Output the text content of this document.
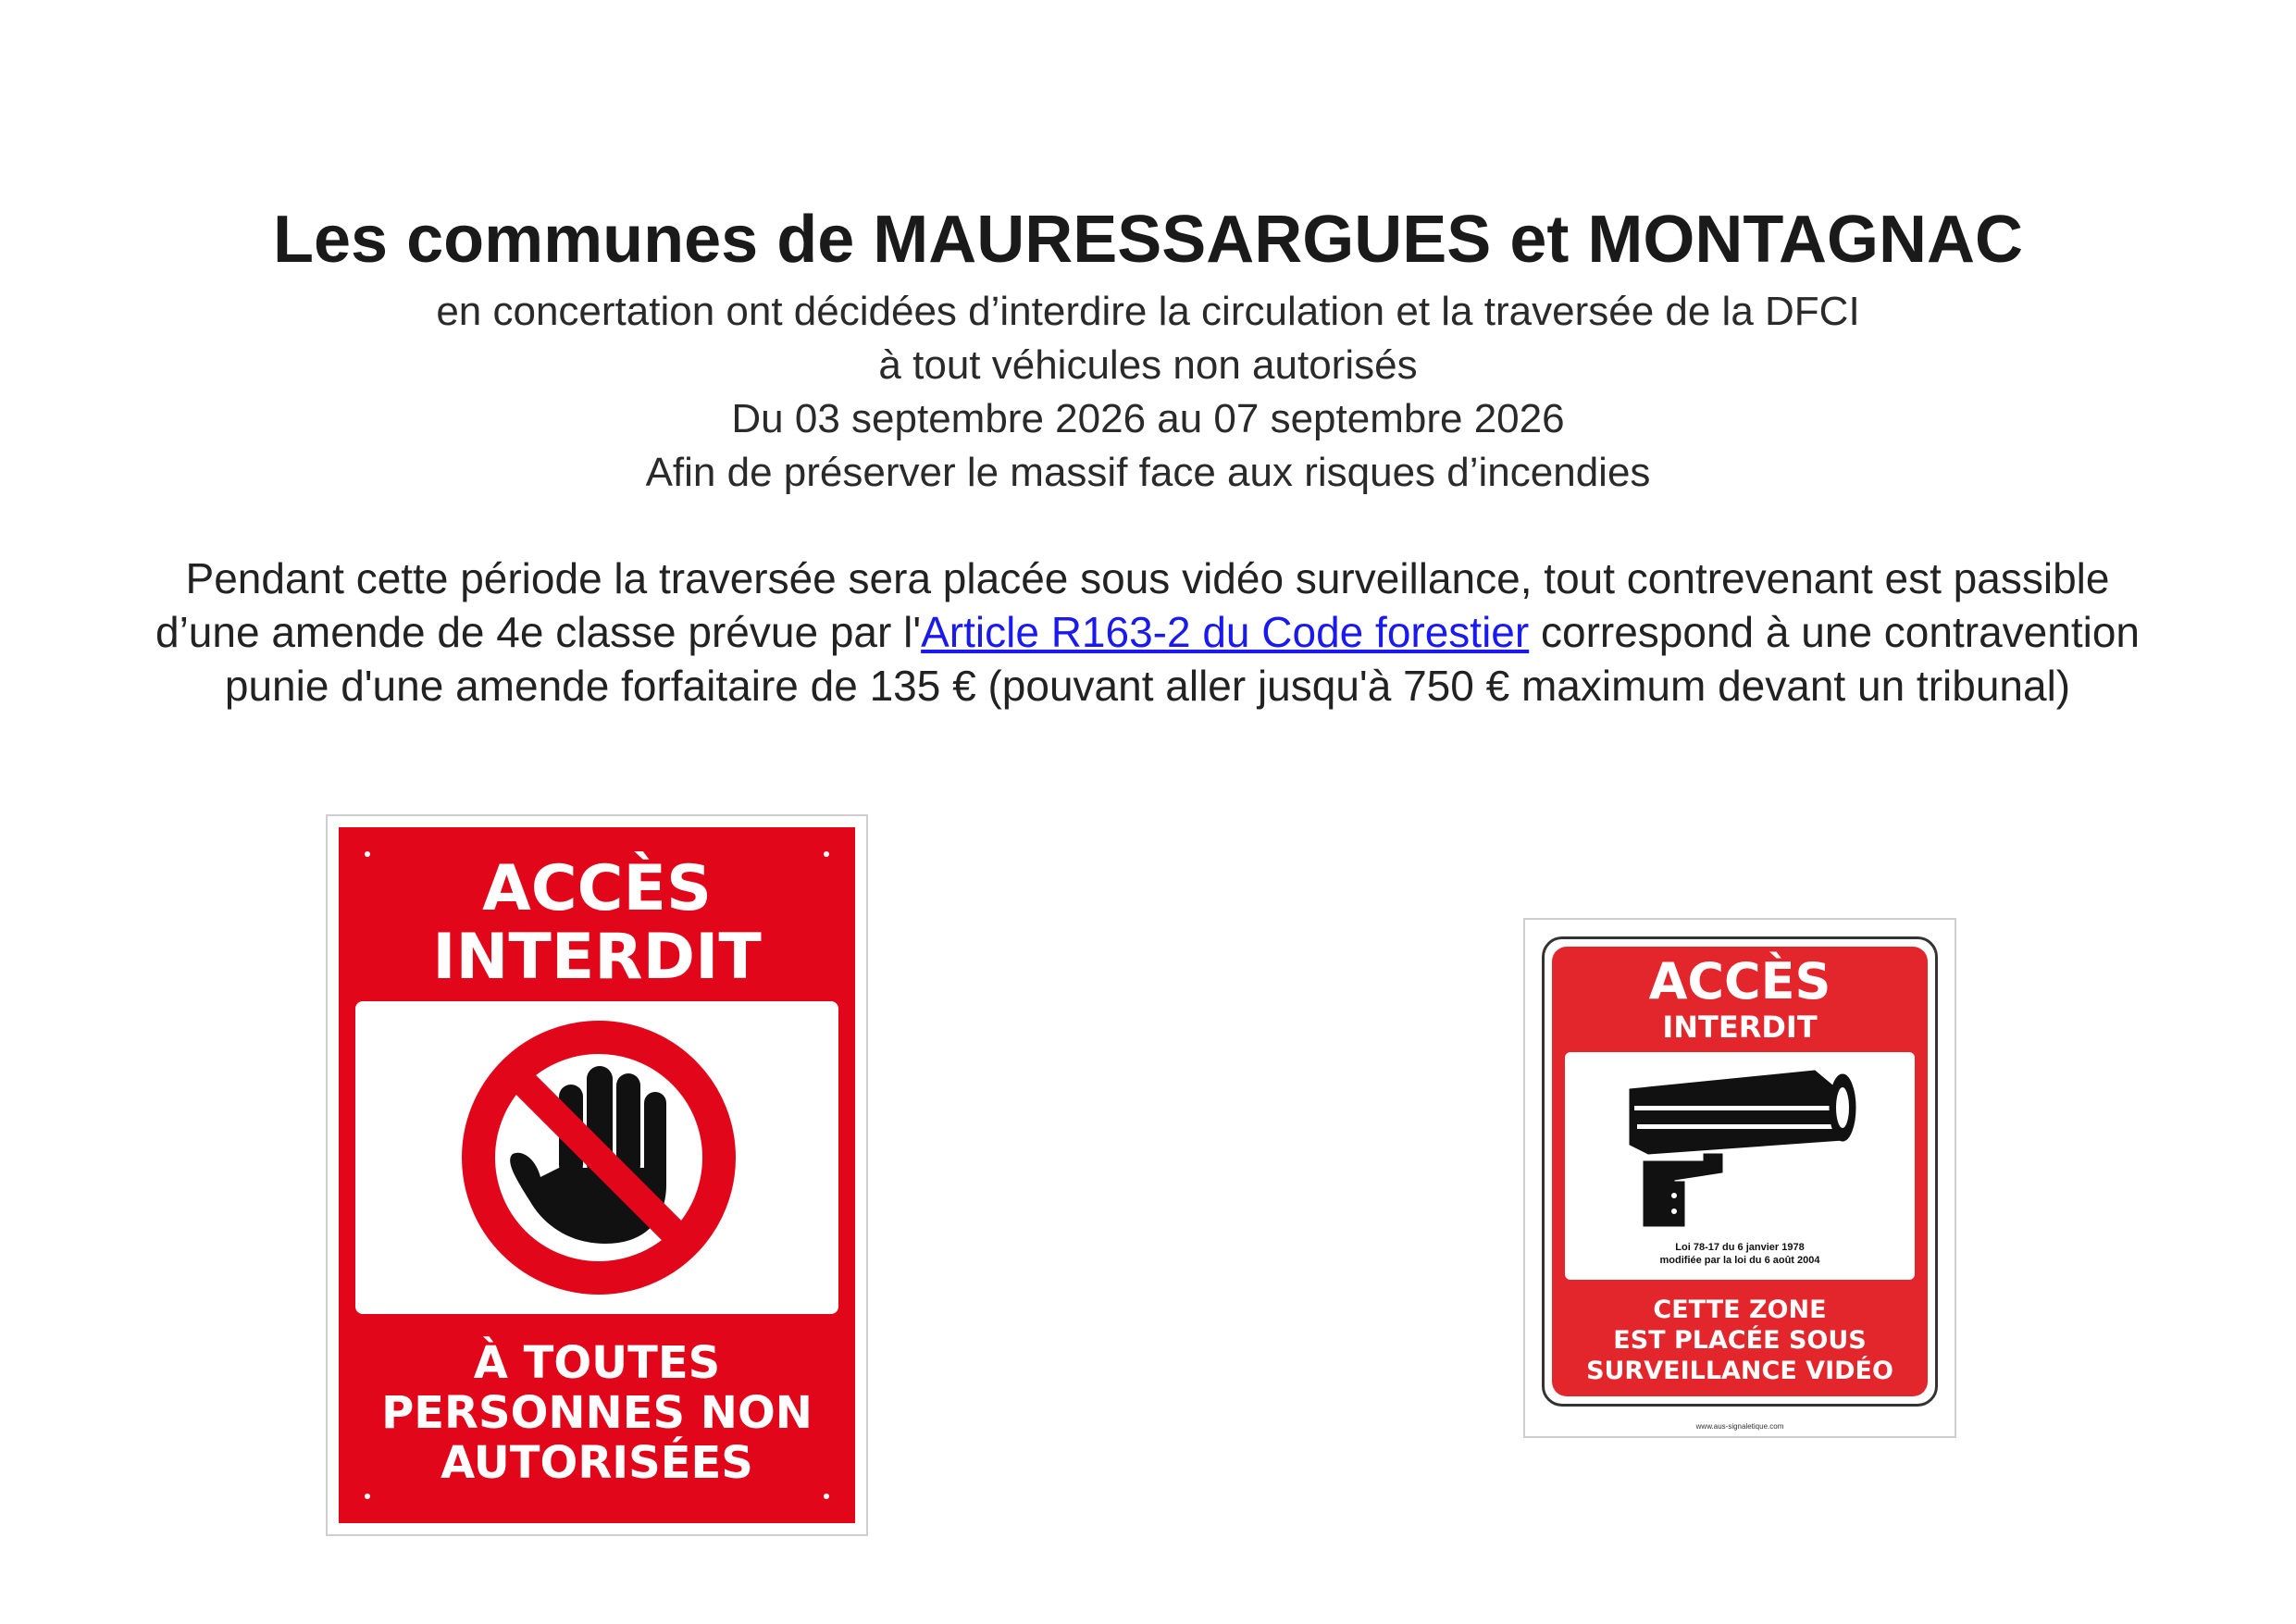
Les communes de MAURESSARGUES et MONTAGNAC
en concertation ont décidées d’interdire la circulation et la traversée de la DFCI
à tout véhicules non autorisés
Du 03 septembre 2026 au 07 septembre 2026
Afin de préserver le massif face aux risques d’incendies
Pendant cette période la traversée sera placée sous vidéo surveillance, tout contrevenant est passible d’une amende de 4e classe prévue par l'Article R163-2 du Code forestier correspond à une contravention punie d'une amende forfaitaire de 135 € (pouvant aller jusqu'à 750 € maximum devant un tribunal)
ACCÈS
INTERDIT
À TOUTES
PERSONNES NON
AUTORISÉES
ACCÈS
INTERDIT
Loi 78-17 du 6 janvier 1978
modifiée par la loi du 6 août 2004
CETTE ZONE
EST PLACÉE SOUS
SURVEILLANCE VIDÉO
www.aus-signaletique.com
